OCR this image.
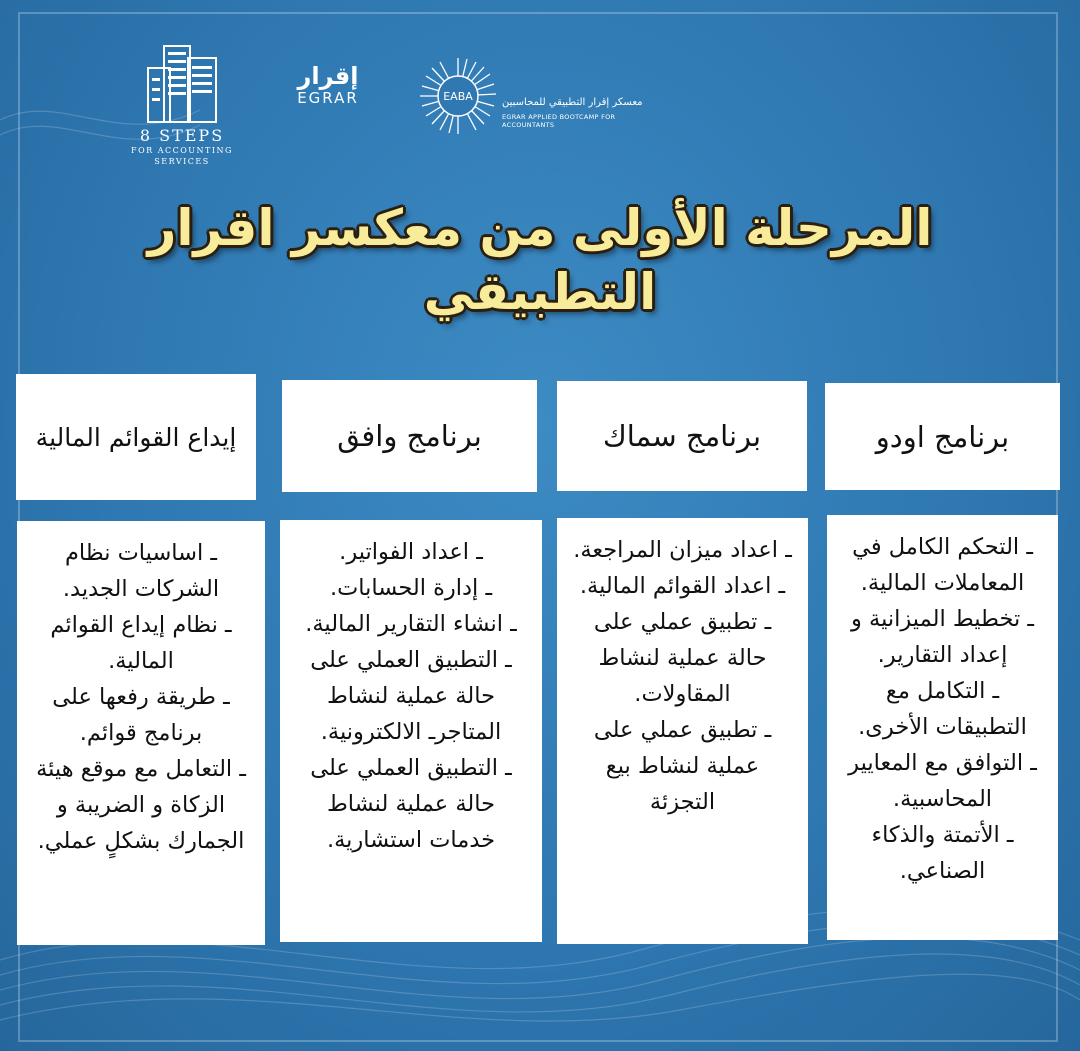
8 STEPS
FOR ACCOUNTING
SERVICES
إقرار
EGRAR	EABA	معسكر إقرار التطبيقي للمحاسبين
EGRAR APPLIED BOOTCAMP FOR ACCOUNTANTS
المرحلة الأولى من معكسر اقرار
التطبيقي
برنامج اودو
برنامج سماك
برنامج وافق
إيداع القوائم المالية
ـ التحكم الكامل في المعاملات المالية.
ـ تخطيط الميزانية و إعداد التقارير.
ـ التكامل مع التطبيقات الأخرى.
ـ التوافق مع المعايير المحاسبية.
ـ الأتمتة والذكاء الصناعي.
ـ اعداد ميزان المراجعة.
ـ اعداد القوائم المالية.
ـ تطبيق عملي على حالة عملية لنشاط المقاولات.
ـ تطبيق عملي على عملية لنشاط بيع التجزئة
ـ اعداد الفواتير.
ـ إدارة الحسابات.
ـ انشاء التقارير المالية.
ـ التطبيق العملي على حالة عملية لنشاط المتاجرـ الالكترونية.
ـ التطبيق العملي على حالة عملية لنشاط خدمات استشارية.
ـ اساسيات نظام الشركات الجديد.
ـ نظام إيداع القوائم المالية.
ـ طريقة رفعها على برنامج قوائم.
ـ التعامل مع موقع هيئة الزكاة و الضريبة و الجمارك بشكلٍ عملي.
